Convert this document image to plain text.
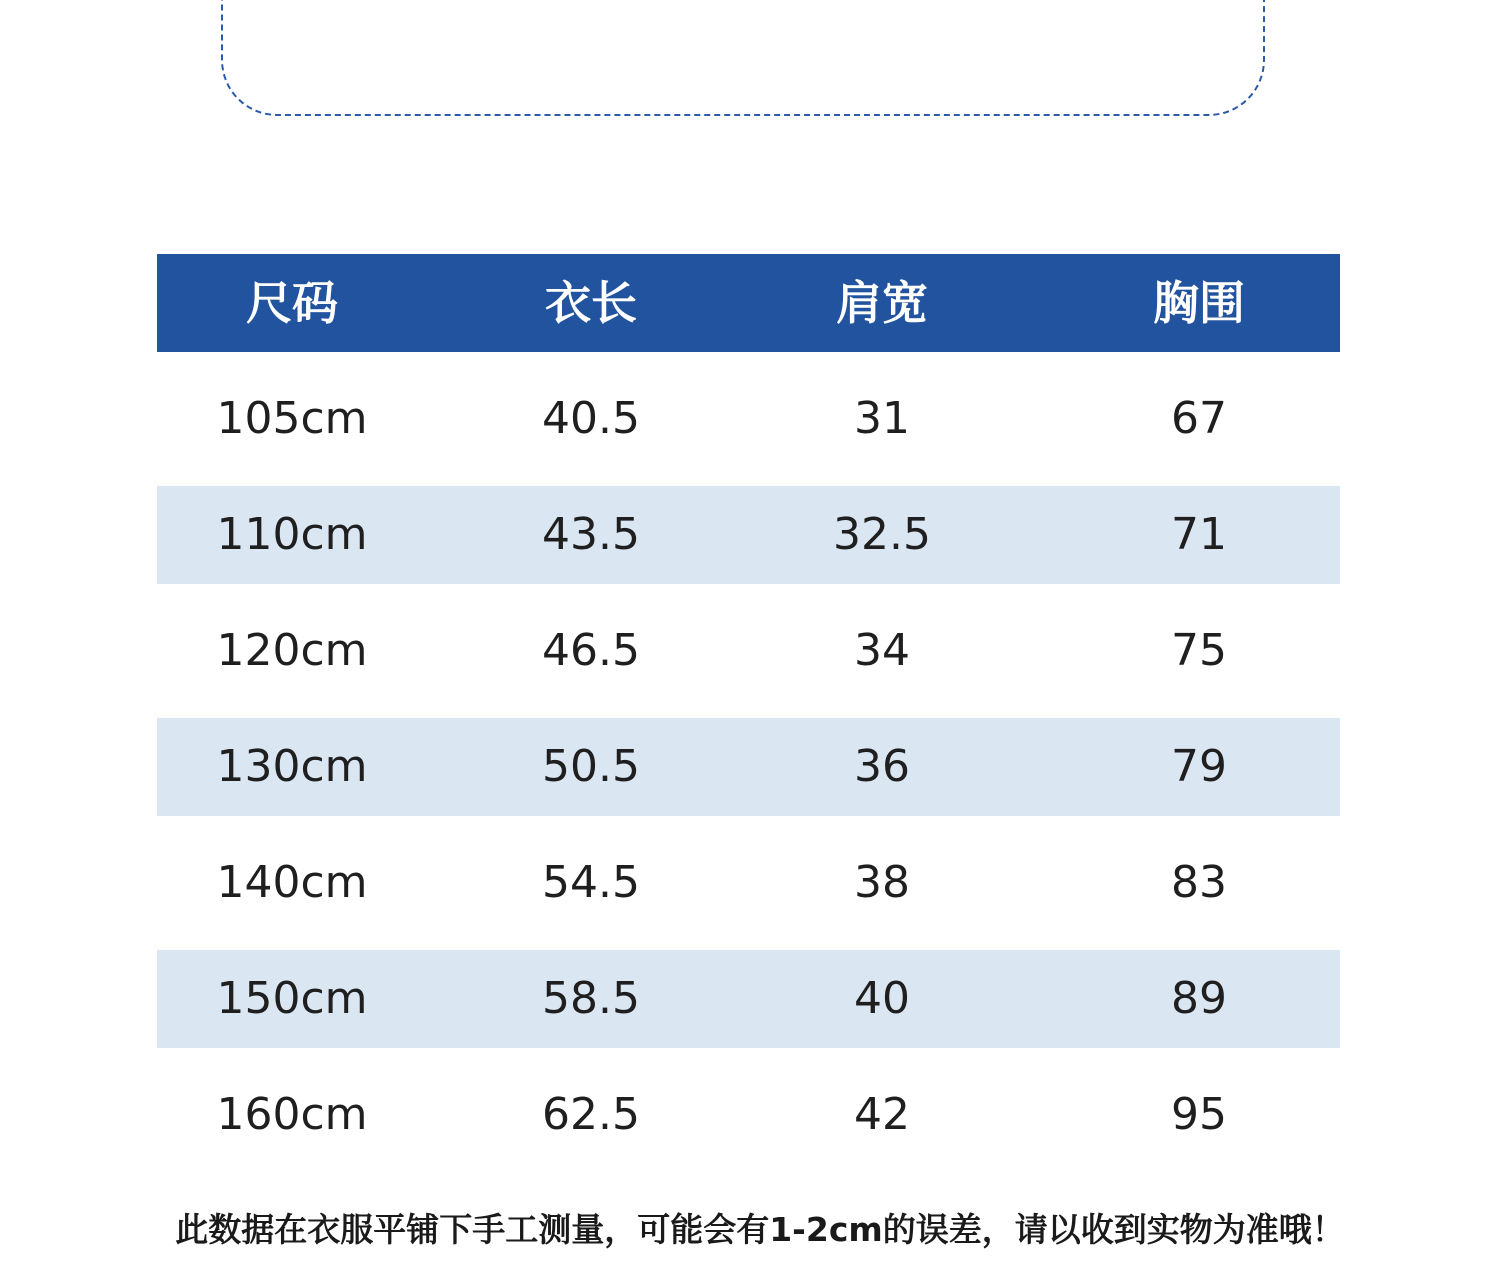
尺码	衣长	肩宽	胸围
105cm	40.5	31	67
110cm	43.5	32.5	71
120cm	46.5	34	75
130cm	50.5	36	79
140cm	54.5	38	83
150cm	58.5	40	89
160cm	62.5	42	95
此数据在衣服平铺下手工测量，可能会有1-2cm的误差，请以收到实物为准哦！
